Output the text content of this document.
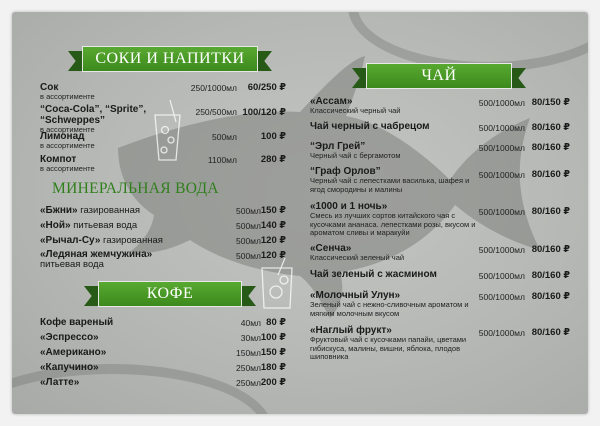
СОКИ И НАПИТКИ
Сок
в ассортименте
250/1000мл 60/250 ₽
“Coca-Cola”, “Sprite”, “Schweppes”
в ассортименте
250/500мл 100/120 ₽
Лимонад
в ассортименте
500мл	100 ₽
Компот
в ассортименте
1100мл	280 ₽
МИНЕРАЛЬНАЯ ВОДА
«Бжни» газированная	500мл 150 ₽
«Ной» питьевая вода	500мл 140 ₽
«Рычал-Су» газированная	500мл 120 ₽
«Ледяная жемчужина»
питьевая вода
500мл 120 ₽
КОФЕ
Кофе вареный	40мл 80 ₽
«Эспрессо»	30мл 100 ₽
«Американо»	150мл 150 ₽
«Капучино»	250мл 180 ₽
«Латте»	250мл 200 ₽
ЧАЙ
«Ассам»
Классический черный чай
500/1000мл 80/150 ₽
Чай черный с чабрецом	500/1000мл 80/160 ₽
“Эрл Грей”
Черный чай с бергамотом
500/1000мл 80/160 ₽
“Граф Орлов”
Черный чай с лепестками василька, шафея и ягод смородины и малины
500/1000мл 80/160 ₽
«1000 и 1 ночь»
Смесь из лучших сортов китайского чая с кусочками ананаса. лепестками розы, вкусом и ароматом сливы и маракуйи
500/1000мл 80/160 ₽
«Сенча»
Классический зеленый чай
500/1000мл 80/160 ₽
Чай зеленый с жасмином	500/1000мл 80/160 ₽
«Молочный Улун»
Зеленый чай с нежно-сливочным ароматом и мягким молочным вкусом
500/1000мл 80/160 ₽
«Наглый фрукт»
Фруктовый чай с кусочками папайи, цветами гибискуса, малины, вишни, яблока, плодов шиповника
500/1000мл 80/160 ₽
